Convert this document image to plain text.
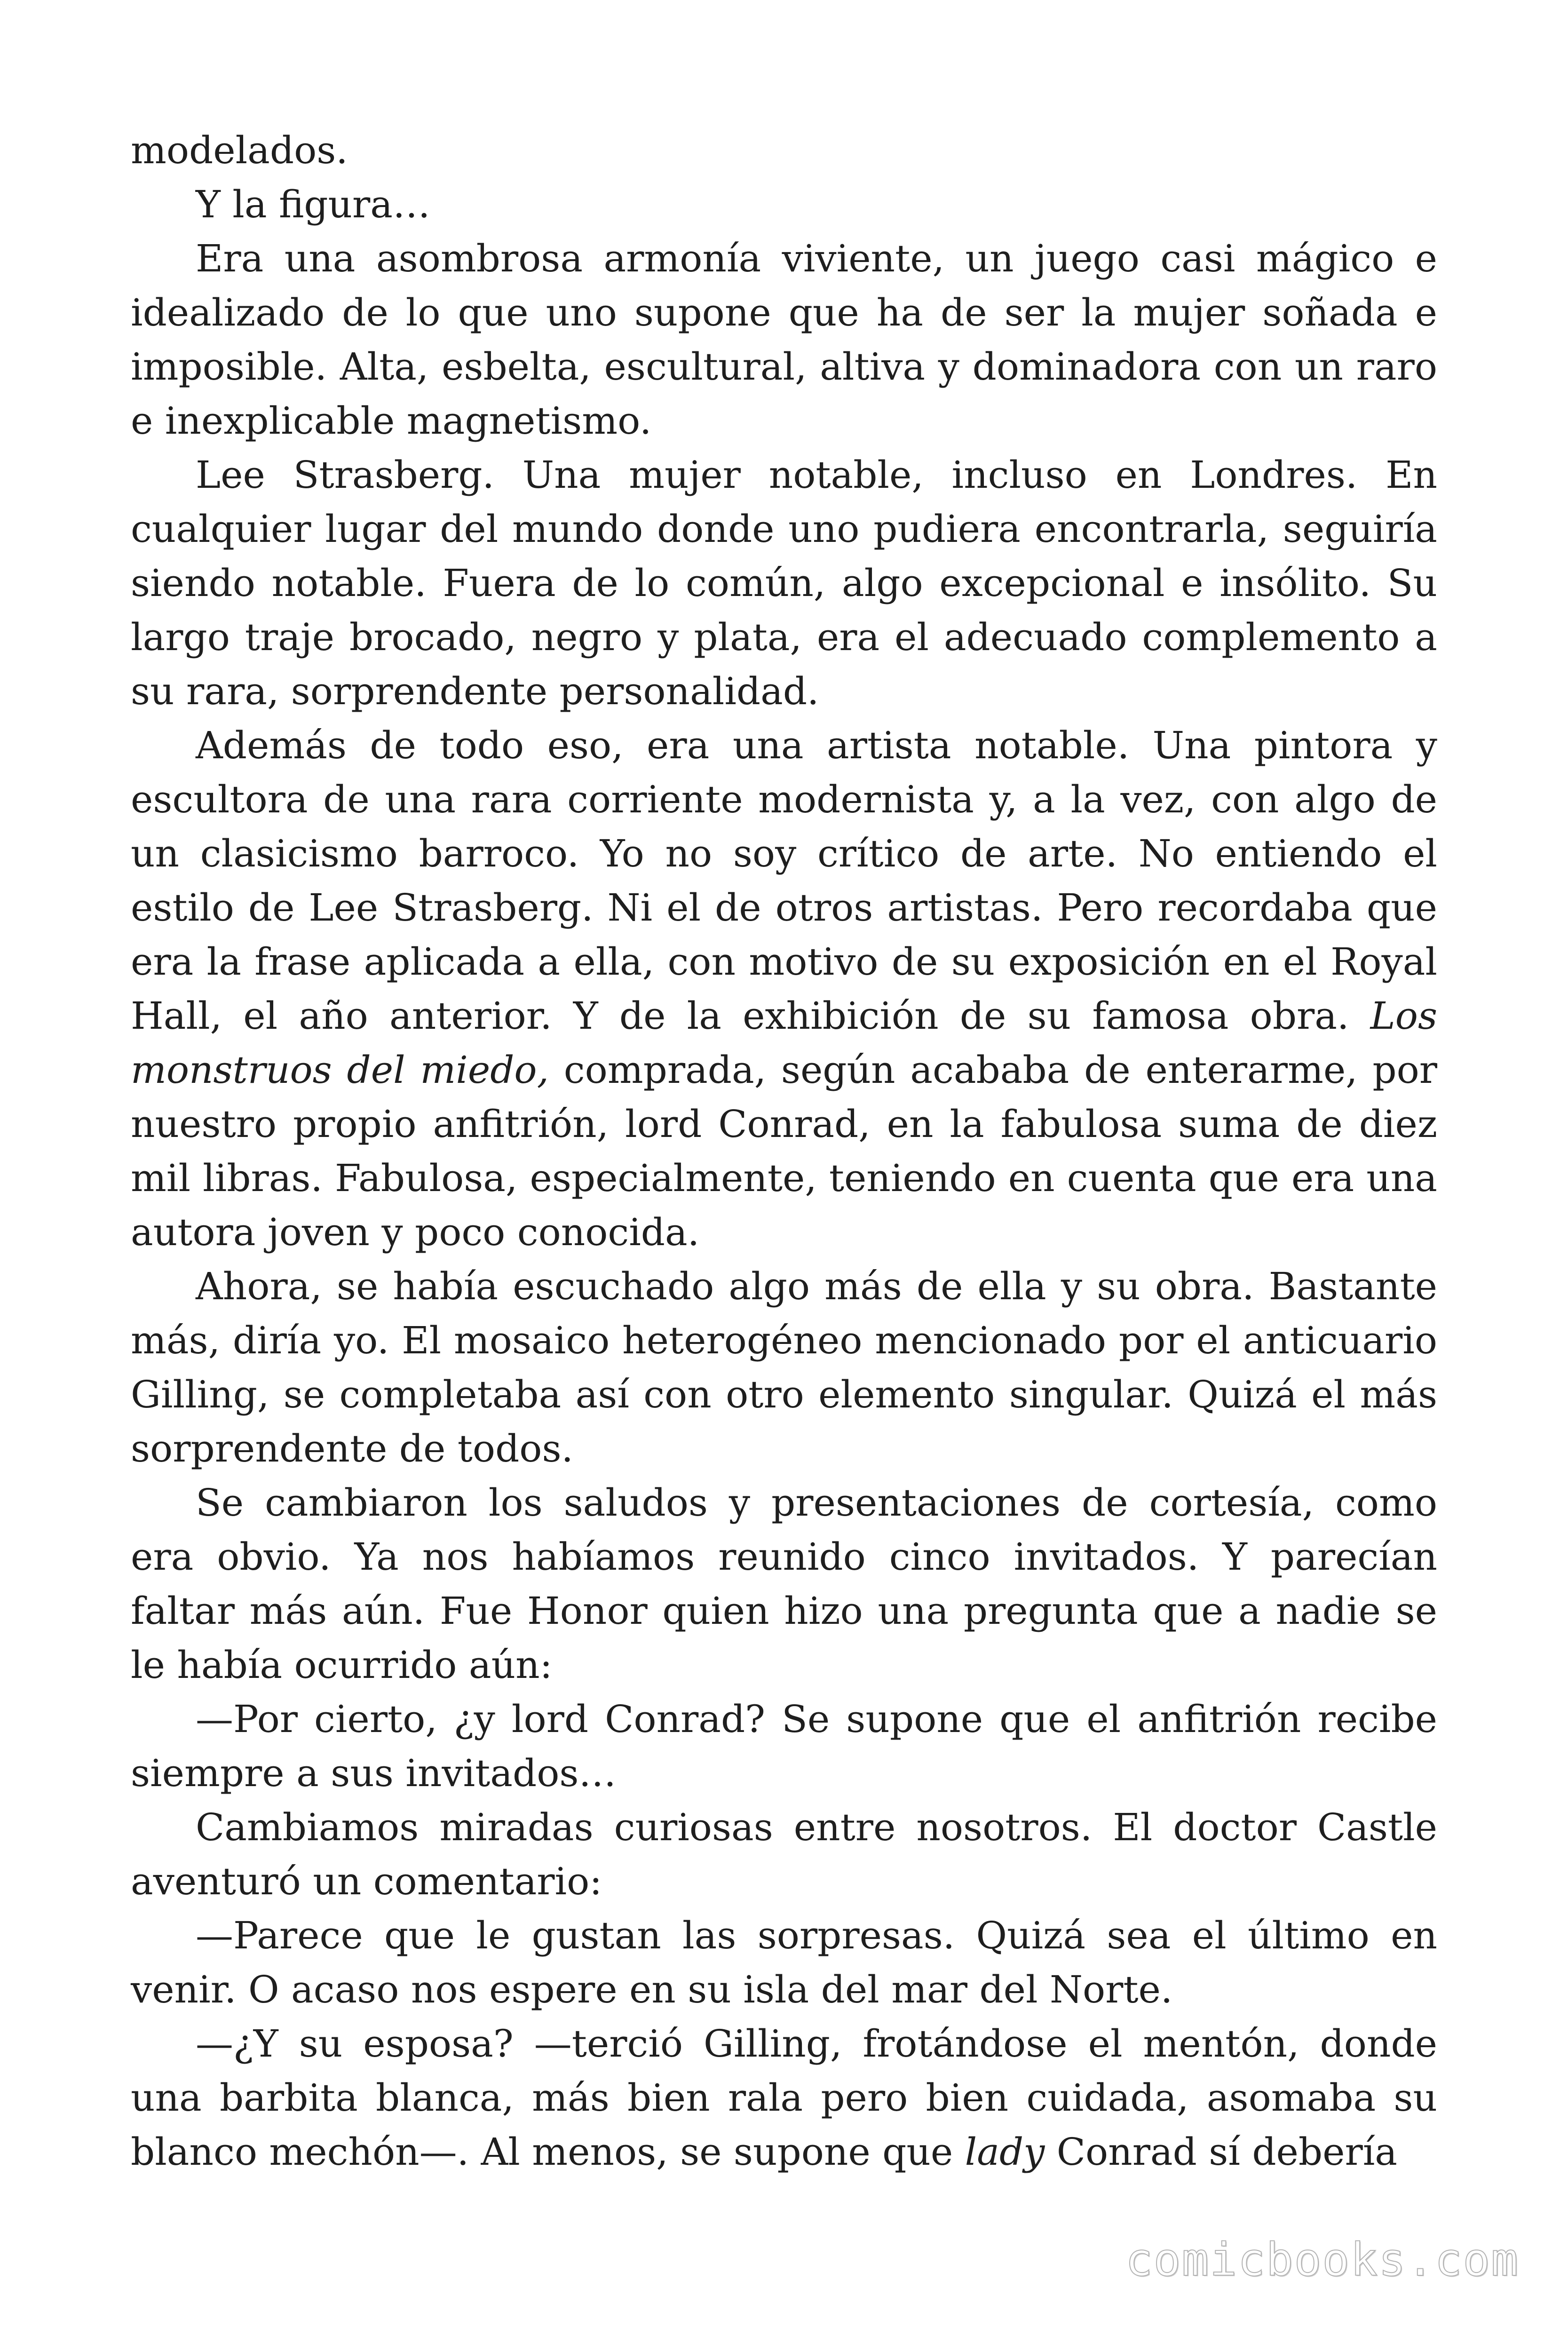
modelados.

Y la figura…

Era una asombrosa armonía viviente, un juego casi mágico e idealizado de lo que uno supone que ha de ser la mujer soñada e imposible. Alta, esbelta, escultural, altiva y dominadora con un raro e inexplicable magnetismo.

Lee Strasberg. Una mujer notable, incluso en Londres. En cualquier lugar del mundo donde uno pudiera encontrarla, seguiría siendo notable. Fuera de lo común, algo excepcional e insólito. Su largo traje brocado, negro y plata, era el adecuado complemento a su rara, sorprendente personalidad.

Además de todo eso, era una artista notable. Una pintora y escultora de una rara corriente modernista y, a la vez, con algo de un clasicismo barroco. Yo no soy crítico de arte. No entiendo el estilo de Lee Strasberg. Ni el de otros artistas. Pero recordaba que era la frase aplicada a ella, con motivo de su exposición en el Royal Hall, el año anterior. Y de la exhibición de su famosa obra. Los monstruos del miedo, comprada, según acababa de enterarme, por nuestro propio anfitrión, lord Conrad, en la fabulosa suma de diez mil libras. Fabulosa, especialmente, teniendo en cuenta que era una autora joven y poco conocida.

Ahora, se había escuchado algo más de ella y su obra. Bastante más, diría yo. El mosaico heterogéneo mencionado por el anticuario Gilling, se completaba así con otro elemento singular. Quizá el más sorprendente de todos.

Se cambiaron los saludos y presentaciones de cortesía, como era obvio. Ya nos habíamos reunido cinco invitados. Y parecían faltar más aún. Fue Honor quien hizo una pregunta que a nadie se le había ocurrido aún:

—Por cierto, ¿y lord Conrad? Se supone que el anfitrión recibe siempre a sus invitados…

Cambiamos miradas curiosas entre nosotros. El doctor Castle aventuró un comentario:

—Parece que le gustan las sorpresas. Quizá sea el último en venir. O acaso nos espere en su isla del mar del Norte.

—¿Y su esposa? —terció Gilling, frotándose el mentón, donde una barbita blanca, más bien rala pero bien cuidada, asomaba su blanco mechón—. Al menos, se supone que lady Conrad sí debería

comicbooks.com
